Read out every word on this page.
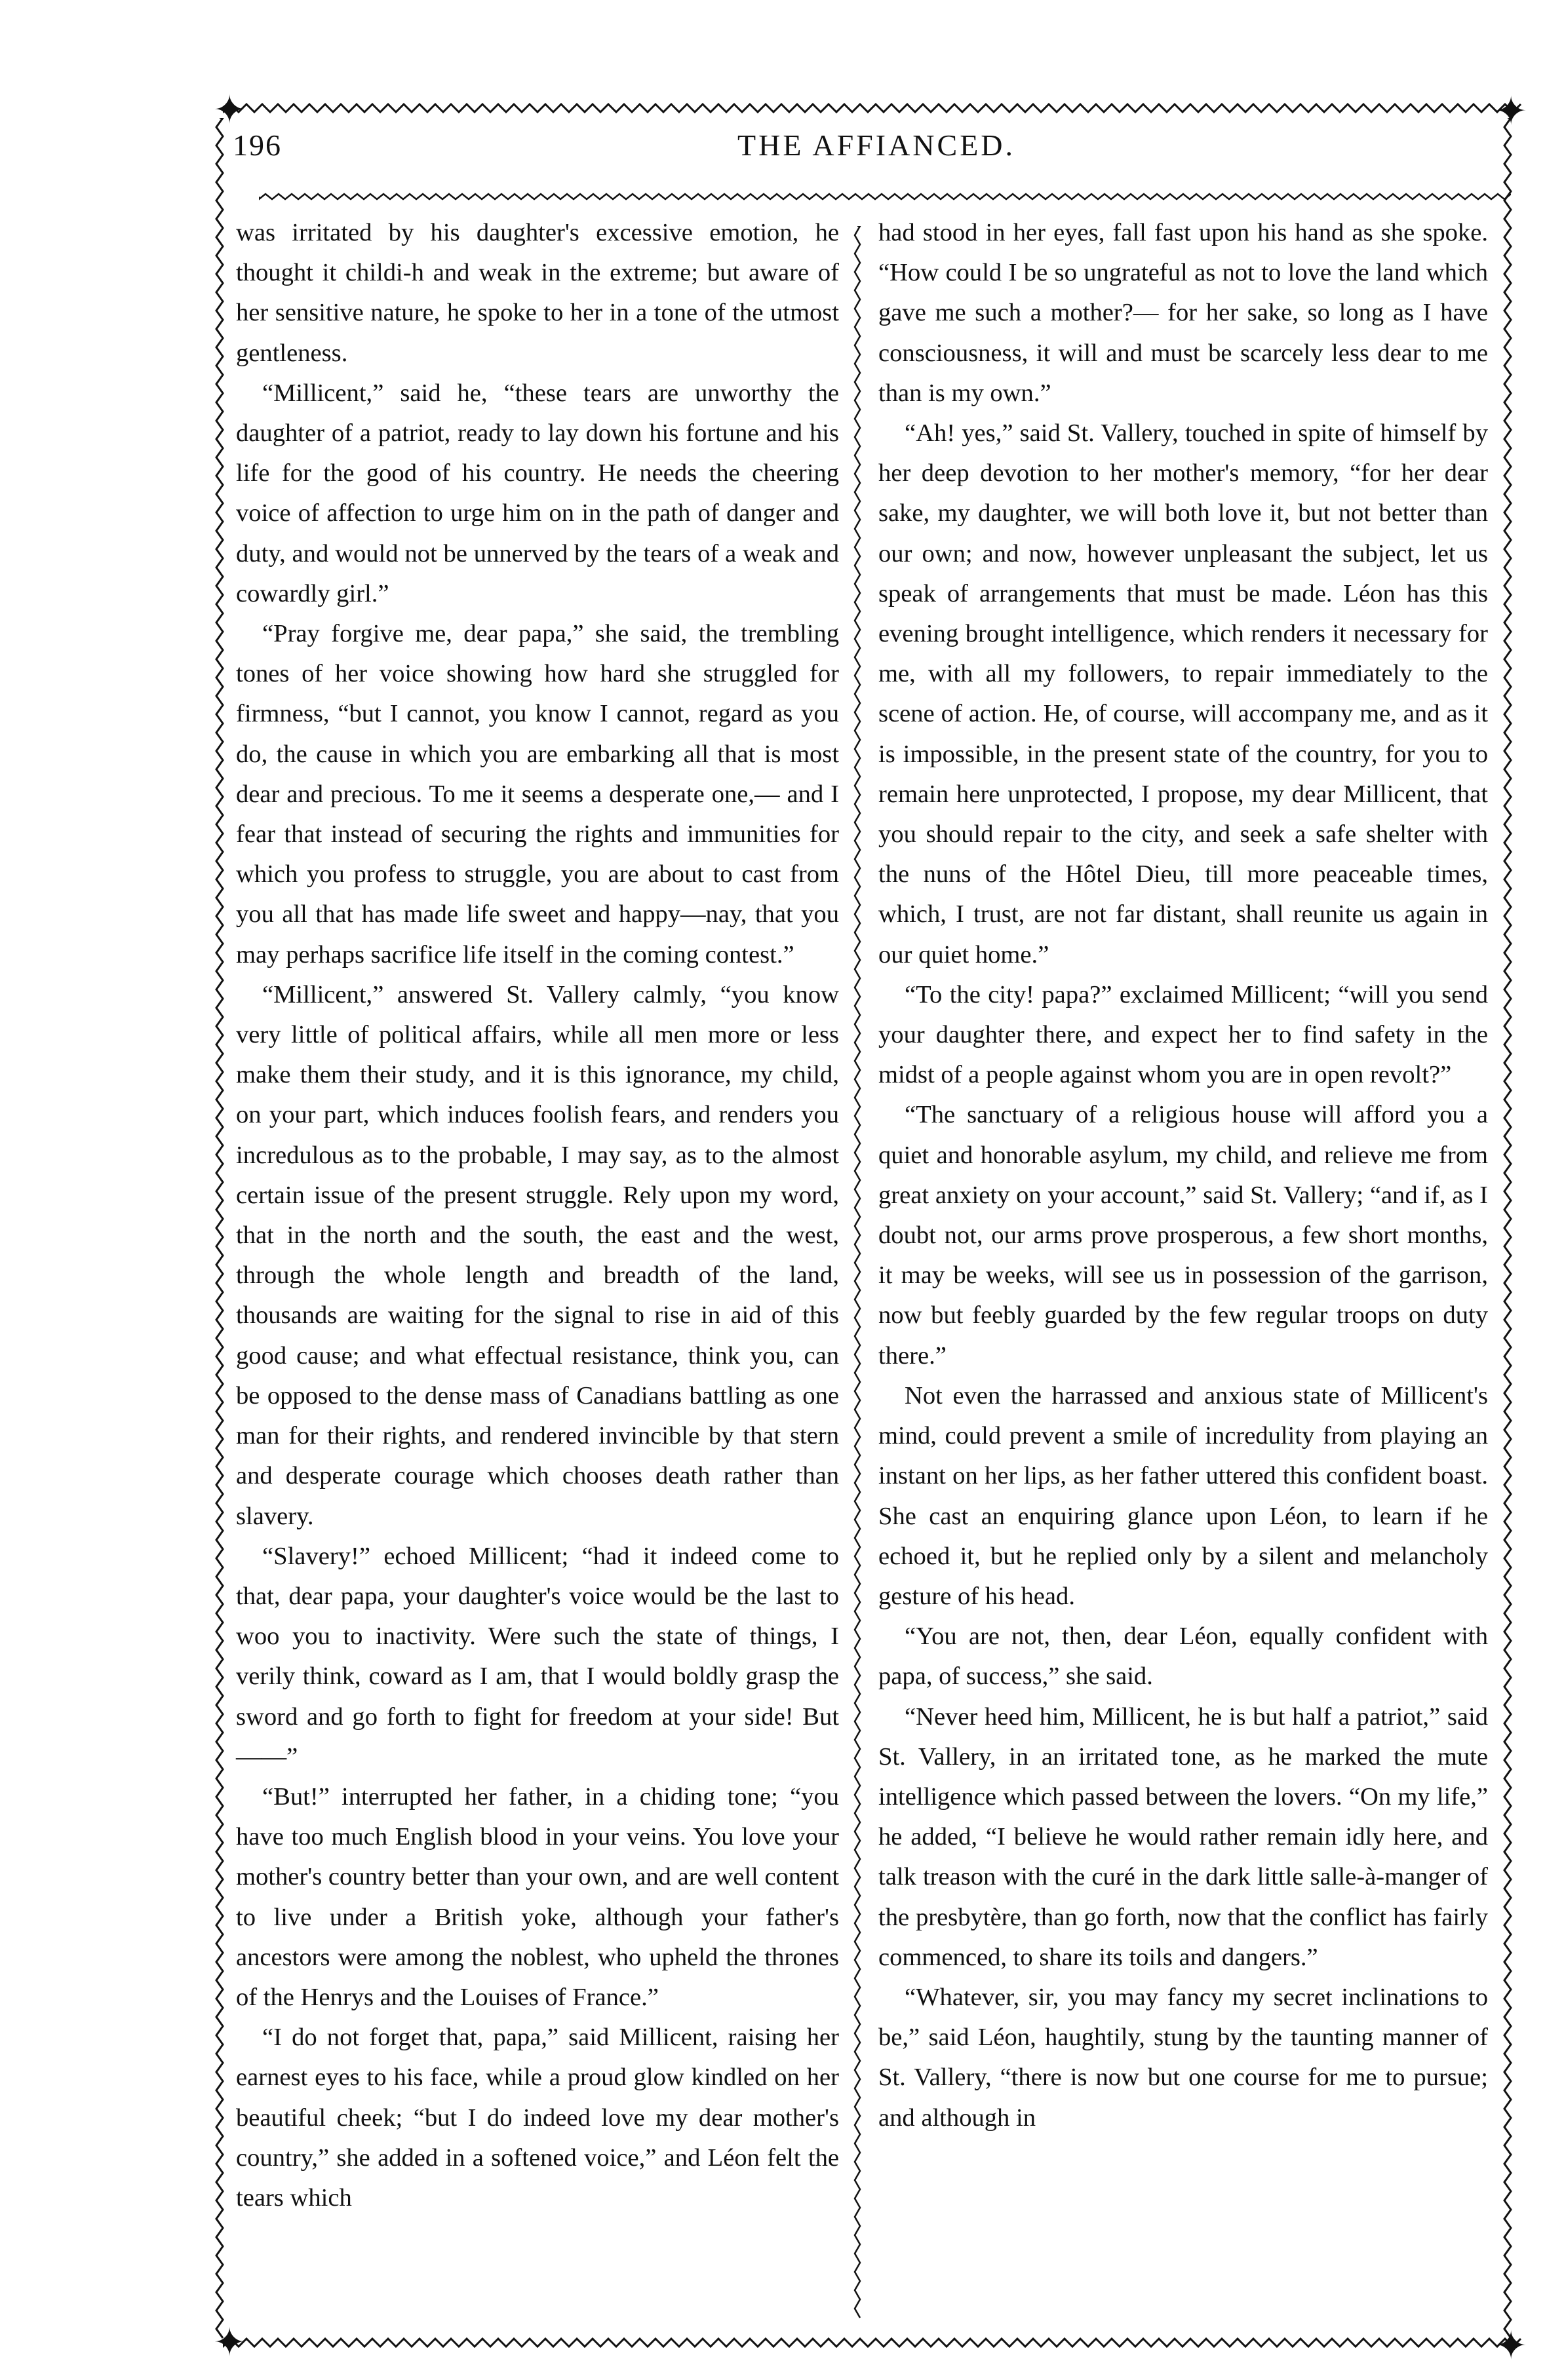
✦	✦
196	THE AFFIANCED.
✦	✦

was irritated by his daughter's excessive emotion, he thought it childi-h and weak in the extreme; but aware of her sensitive nature, he spoke to her in a tone of the utmost gentleness.

“Millicent,” said he, “these tears are unworthy the daughter of a patriot, ready to lay down his fortune and his life for the good of his country. He needs the cheering voice of affection to urge him on in the path of danger and duty, and would not be unnerved by the tears of a weak and cowardly girl.”

“Pray forgive me, dear papa,” she said, the trembling tones of her voice showing how hard she struggled for firmness, “but I cannot, you know I cannot, regard as you do, the cause in which you are embarking all that is most dear and precious. To me it seems a desperate one,— and I fear that instead of securing the rights and immunities for which you profess to struggle, you are about to cast from you all that has made life sweet and happy—nay, that you may perhaps sacrifice life itself in the coming contest.”

“Millicent,” answered St. Vallery calmly, “you know very little of political affairs, while all men more or less make them their study, and it is this ignorance, my child, on your part, which induces foolish fears, and renders you incredulous as to the probable, I may say, as to the almost certain issue of the present struggle. Rely upon my word, that in the north and the south, the east and the west, through the whole length and breadth of the land, thousands are waiting for the signal to rise in aid of this good cause; and what effectual resistance, think you, can be opposed to the dense mass of Canadians battling as one man for their rights, and rendered invincible by that stern and desperate courage which chooses death rather than slavery.

“Slavery!” echoed Millicent; “had it indeed come to that, dear papa, your daughter's voice would be the last to woo you to inactivity. Were such the state of things, I verily think, coward as I am, that I would boldly grasp the sword and go forth to fight for freedom at your side! But——”

“But!” interrupted her father, in a chiding tone; “you have too much English blood in your veins. You love your mother's country better than your own, and are well content to live under a British yoke, although your father's ancestors were among the noblest, who upheld the thrones of the Henrys and the Louises of France.”

“I do not forget that, papa,” said Millicent, raising her earnest eyes to his face, while a proud glow kindled on her beautiful cheek; “but I do indeed love my dear mother's country,” she added in a softened voice,” and Léon felt the tears which

had stood in her eyes, fall fast upon his hand as she spoke. “How could I be so ungrateful as not to love the land which gave me such a mother?— for her sake, so long as I have consciousness, it will and must be scarcely less dear to me than is my own.”

“Ah! yes,” said St. Vallery, touched in spite of himself by her deep devotion to her mother's memory, “for her dear sake, my daughter, we will both love it, but not better than our own; and now, however unpleasant the subject, let us speak of arrangements that must be made. Léon has this evening brought intelligence, which renders it necessary for me, with all my followers, to repair immediately to the scene of action. He, of course, will accompany me, and as it is impossible, in the present state of the country, for you to remain here unprotected, I propose, my dear Millicent, that you should repair to the city, and seek a safe shelter with the nuns of the Hôtel Dieu, till more peaceable times, which, I trust, are not far distant, shall reunite us again in our quiet home.”

“To the city! papa?” exclaimed Millicent; “will you send your daughter there, and expect her to find safety in the midst of a people against whom you are in open revolt?”

“The sanctuary of a religious house will afford you a quiet and honorable asylum, my child, and relieve me from great anxiety on your account,” said St. Vallery; “and if, as I doubt not, our arms prove prosperous, a few short months, it may be weeks, will see us in possession of the garrison, now but feebly guarded by the few regular troops on duty there.”

Not even the harrassed and anxious state of Millicent's mind, could prevent a smile of incredulity from playing an instant on her lips, as her father uttered this confident boast. She cast an enquiring glance upon Léon, to learn if he echoed it, but he replied only by a silent and melancholy gesture of his head.

“You are not, then, dear Léon, equally confident with papa, of success,” she said.

“Never heed him, Millicent, he is but half a patriot,” said St. Vallery, in an irritated tone, as he marked the mute intelligence which passed between the lovers. “On my life,” he added, “I believe he would rather remain idly here, and talk treason with the curé in the dark little salle-à-manger of the presbytère, than go forth, now that the conflict has fairly commenced, to share its toils and dangers.”

“Whatever, sir, you may fancy my secret inclinations to be,” said Léon, haughtily, stung by the taunting manner of St. Vallery, “there is now but one course for me to pursue; and although in
